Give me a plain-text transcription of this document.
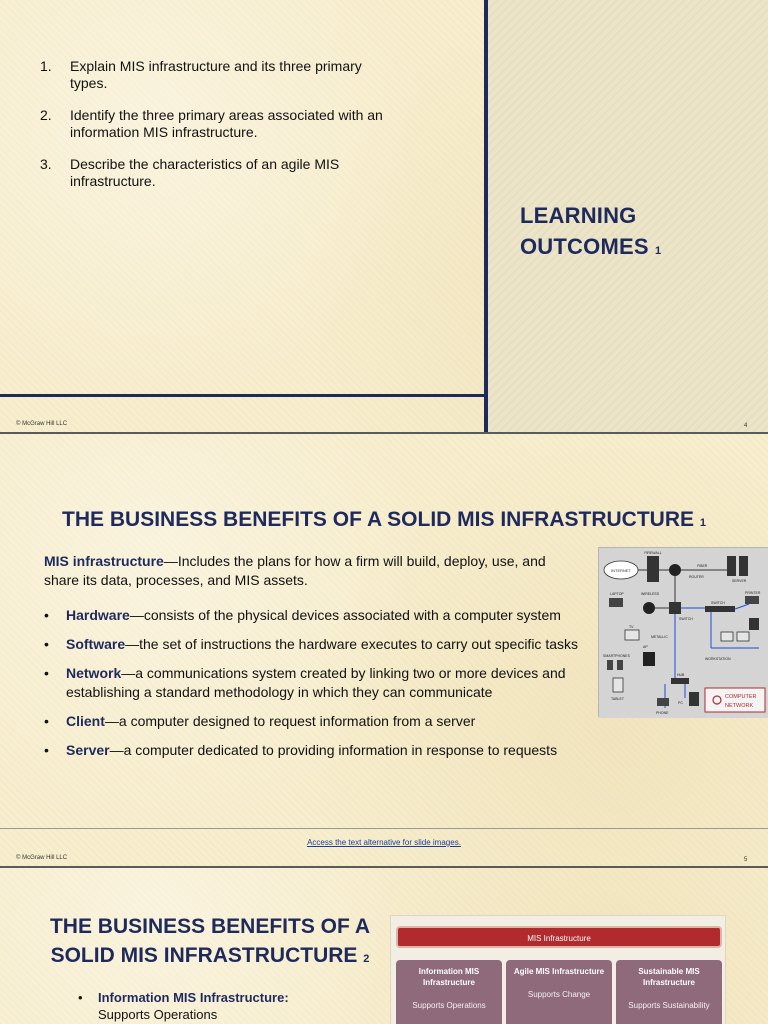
1.	Explain MIS infrastructure and its three primary types.
2.	Identify the three primary areas associated with an information MIS infrastructure.
3.	Describe the characteristics of an agile MIS infrastructure.
LEARNING
OUTCOMES 1
© McGraw Hill LLC	4
THE BUSINESS BENEFITS OF A SOLID MIS INFRASTRUCTURE 1

MIS infrastructure—Includes the plans for how a firm will build, deploy, use, and share its data, processes, and MIS assets.

•	Hardware—consists of the physical devices associated with a computer system
•	Software—the set of instructions the hardware executes to carry out specific tasks
•	Network—a communications system created by linking two or more devices and establishing a standard methodology in which they can communicate
•	Client—a computer designed to request information from a server
•	Server—a computer dedicated to providing information in response to requests
INTERNET
FIREWALL
ROUTER
FIBER
SERVER
LAPTOP	WIRELESS
SWITCH
SWITCH
PRINTER
WORKSTATION
TV
SMARTPHONES
METALLIC
AP
HUB
TABLET
PHONE
PC
COMPUTER
NETWORK
Access the text alternative for slide images.
© McGraw Hill LLC	5
THE BUSINESS BENEFITS OF A
SOLID MIS INFRASTRUCTURE 2
•	Information MIS Infrastructure:
Supports Operations
MIS Infrastructure
Information MIS Infrastructure
Supports Operations
Agile MIS Infrastructure
Supports Change
Sustainable MIS Infrastructure
Supports Sustainability
